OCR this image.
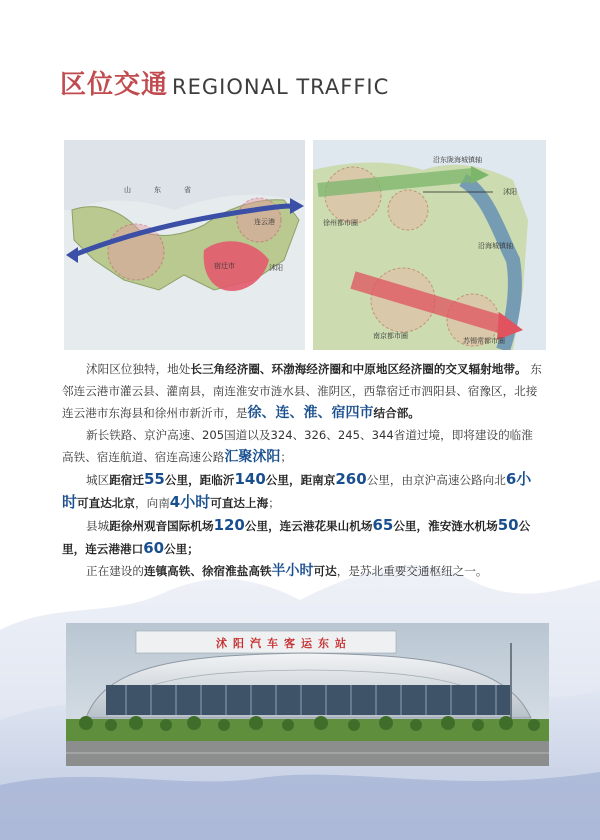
区位交通 REGIONAL TRAFFIC
山	东	省
沭阳
宿迁市
连云港
沭阳
沿东陇海城镇轴
徐州都市圈
沿海城镇轴
南京都市圈
苏锡常都市圈

沭阳区位独特，地处长三角经济圈、环渤海经济圈和中原地区经济圈的交叉辐射地带。 东邻连云港市灌云县、灌南县，南连淮安市涟水县、淮阴区，西靠宿迁市泗阳县、宿豫区，北接连云港市东海县和徐州市新沂市，是徐、连、淮、宿四市结合部。

新长铁路、京沪高速、205国道以及324、326、245、344省道过境，即将建设的临淮高铁、宿连航道、宿连高速公路汇聚沭阳；

城区距宿迁55公里，距临沂140公里，距南京260公里，由京沪高速公路向北6小时可直达北京，向南4小时可直达上海；

县城距徐州观音国际机场120公里，连云港花果山机场65公里，淮安涟水机场50公里，连云港港口60公里；

正在建设的连镇高铁、徐宿淮盐高铁半小时可达，是苏北重要交通枢纽之一。

沭阳汽车客运东站
